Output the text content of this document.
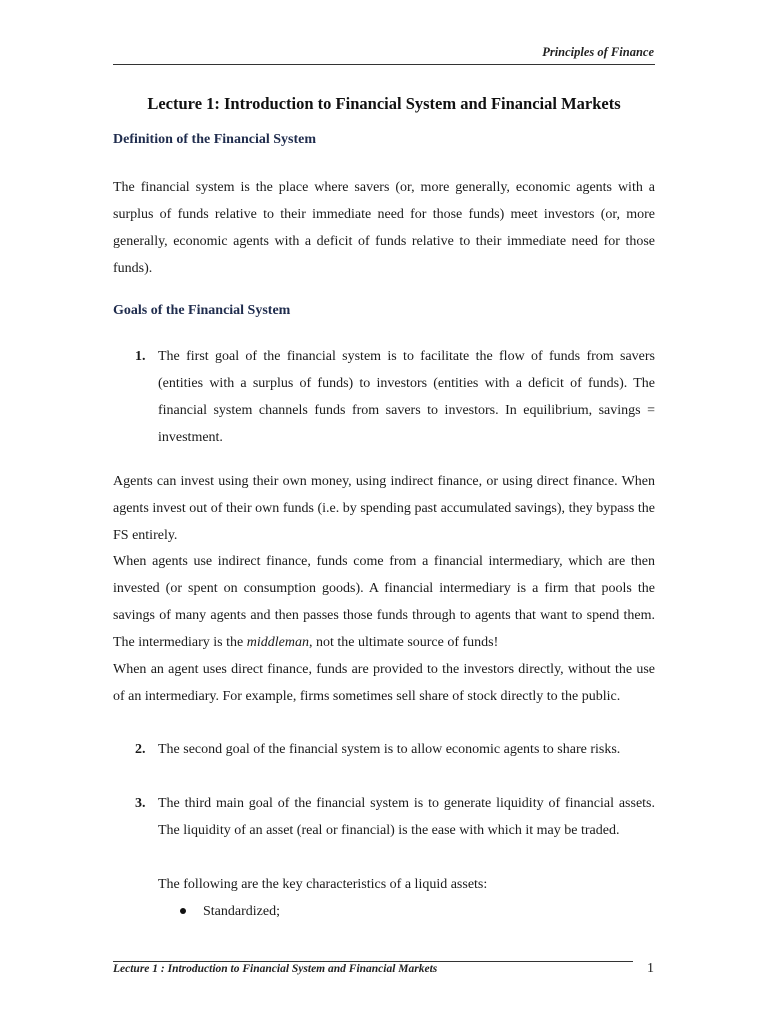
Principles of Finance
Lecture 1: Introduction to Financial System and Financial Markets
Definition of the Financial System
The financial system is the place where savers (or, more generally, economic agents with a surplus of funds relative to their immediate need for those funds) meet investors (or, more generally, economic agents with a deficit of funds relative to their immediate need for those funds).
Goals of the Financial System
1. The first goal of the financial system is to facilitate the flow of funds from savers (entities with a surplus of funds) to investors (entities with a deficit of funds). The financial system channels funds from savers to investors. In equilibrium, savings = investment.
Agents can invest using their own money, using indirect finance, or using direct finance. When agents invest out of their own funds (i.e. by spending past accumulated savings), they bypass the FS entirely.
When agents use indirect finance, funds come from a financial intermediary, which are then invested (or spent on consumption goods). A financial intermediary is a firm that pools the savings of many agents and then passes those funds through to agents that want to spend them. The intermediary is the middleman, not the ultimate source of funds!
When an agent uses direct finance, funds are provided to the investors directly, without the use of an intermediary. For example, firms sometimes sell share of stock directly to the public.
2. The second goal of the financial system is to allow economic agents to share risks.
3. The third main goal of the financial system is to generate liquidity of financial assets. The liquidity of an asset (real or financial) is the ease with which it may be traded.
The following are the key characteristics of a liquid assets:
Standardized;
Lecture 1 : Introduction to Financial System and Financial Markets	1
